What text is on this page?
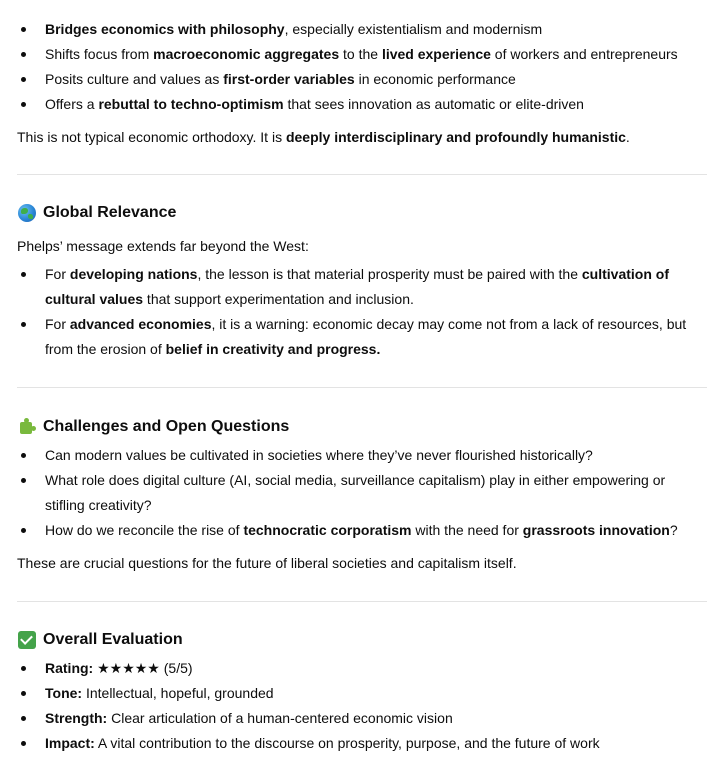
Bridges economics with philosophy, especially existentialism and modernism
Shifts focus from macroeconomic aggregates to the lived experience of workers and entrepreneurs
Posits culture and values as first-order variables in economic performance
Offers a rebuttal to techno-optimism that sees innovation as automatic or elite-driven

This is not typical economic orthodoxy. It is deeply interdisciplinary and profoundly humanistic.

Global Relevance

Phelps’ message extends far beyond the West:

For developing nations, the lesson is that material prosperity must be paired with the cultivation of
cultural values that support experimentation and inclusion.
For advanced economies, it is a warning: economic decay may come not from a lack of resources, but
from the erosion of belief in creativity and progress.
Challenges and Open Questions
Can modern values be cultivated in societies where they’ve never flourished historically?
What role does digital culture (AI, social media, surveillance capitalism) play in either empowering or
stifling creativity?
How do we reconcile the rise of technocratic corporatism with the need for grassroots innovation?

These are crucial questions for the future of liberal societies and capitalism itself.

Overall Evaluation
Rating: ★★★★★ (5/5)
Tone: Intellectual, hopeful, grounded
Strength: Clear articulation of a human-centered economic vision
Impact: A vital contribution to the discourse on prosperity, purpose, and the future of work
